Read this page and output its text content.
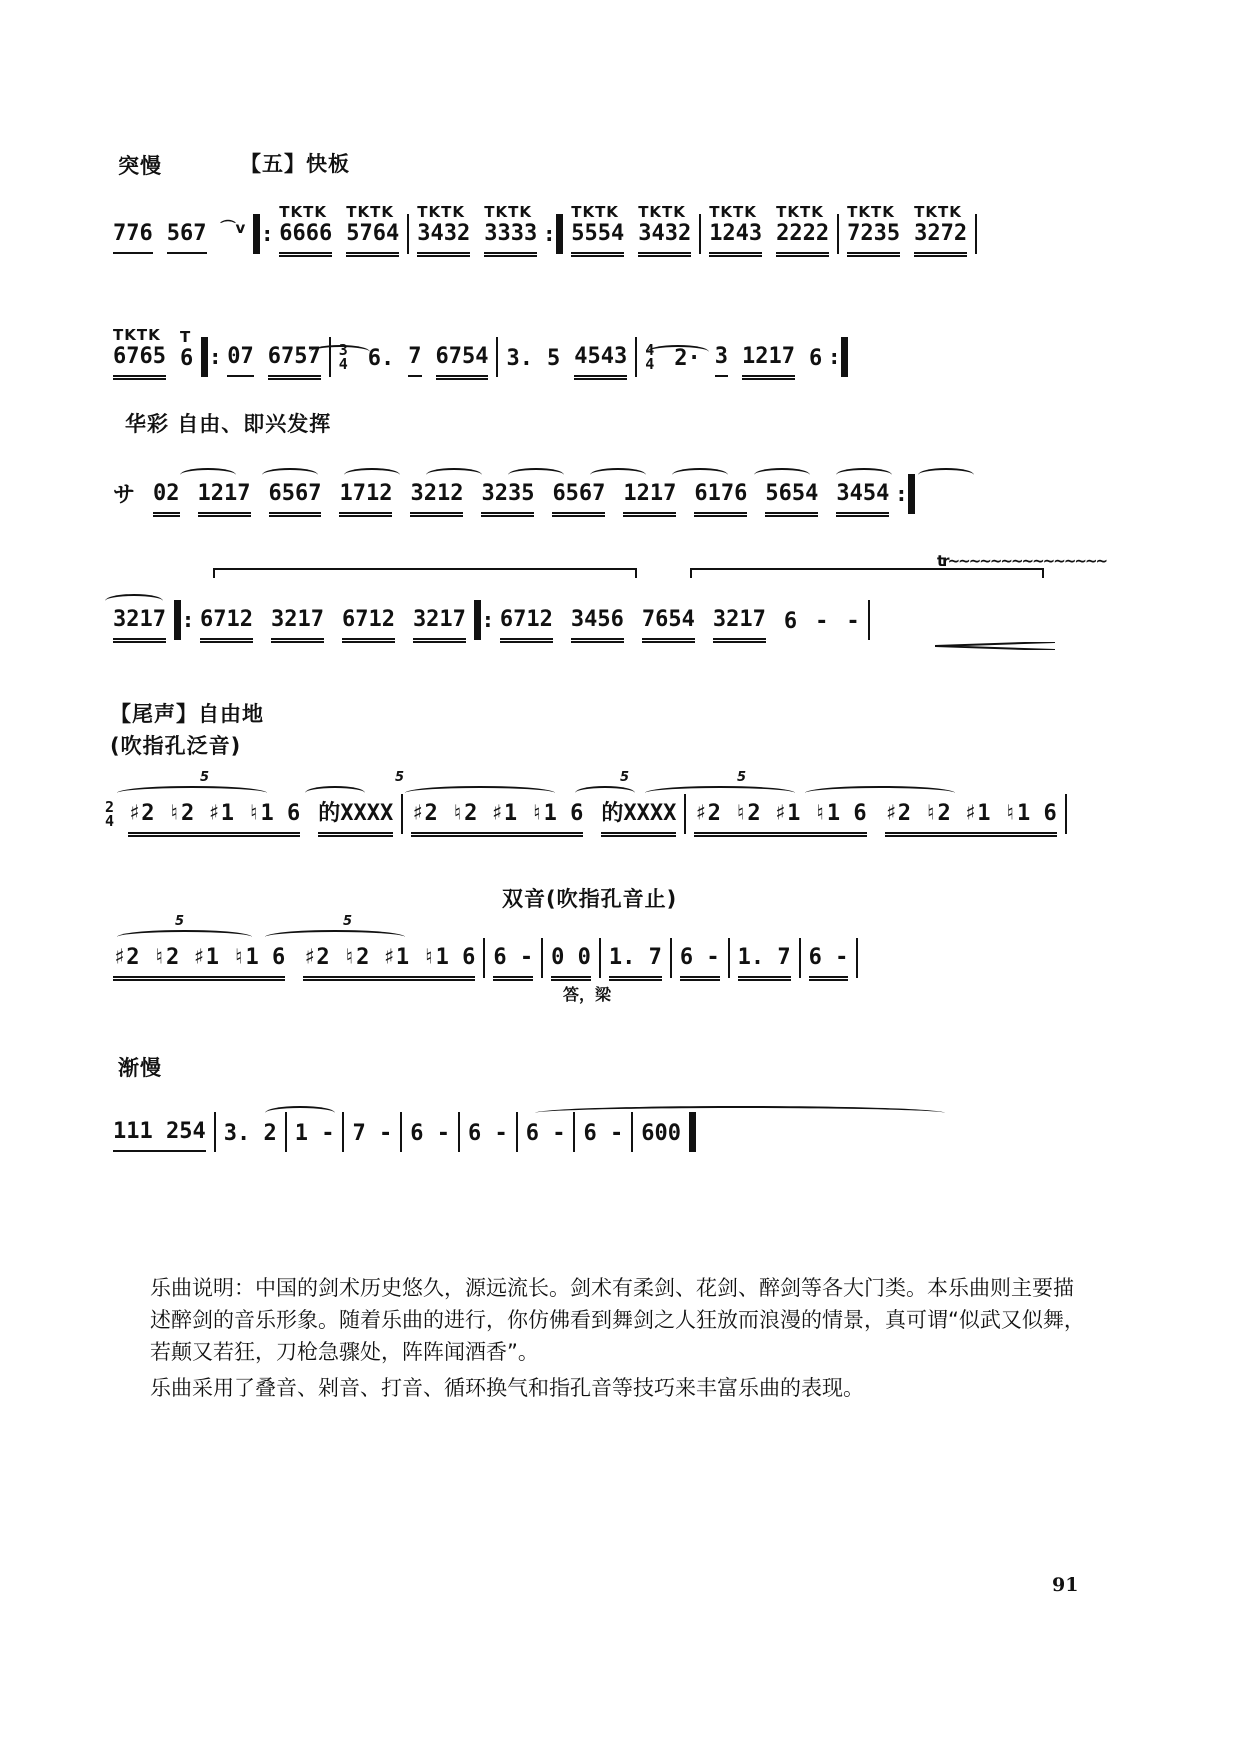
突慢	【五】快板
华彩 自由、即兴发挥
【尾声】自由地
(吹指孔泛音)
双音(吹指孔音止)
渐慢
776 567 ⌒v : 6666
TKTK
5764
TKTK
3432
TKTK
3333
TKTK
: 5554
TKTK
3432
TKTK
1243
TKTK
2222
TKTK
7235
TKTK
3272
TKTK
6765
TKTK
6
T
: 07 6757 3
4 6. 7 6754 3. 5 4543 4
4 2· 3 1217 6 :
サ 02 1217 6567 1712 3212 3235 6567 1217 6176 5654 3454 :
tr~~~~~~~~~~~~~~~
3217 : 6712 3217 6712 3217 : 6712 3456 7654 3217 6 - -
2
4 ♯2 ♮2 ♯1 ♮1 6 的XXXX ♯2 ♮2 ♯1 ♮1 6 的XXXX ♯2 ♮2 ♯1 ♮1 6 ♯2 ♮2 ♯1 ♮1 6
5	5	5	5
答，梁
♯2 ♮2 ♯1 ♮1 6 ♯2 ♮2 ♯1 ♮1 6 6 - 0 0 1. 7 6 - 1. 7 6 -
5	5
111 254 3. 2 1 - 7 - 6 - 6 - 6 - 6 - 600

乐曲说明：中国的剑术历史悠久，源远流长。剑术有柔剑、花剑、醉剑等各大门类。本乐曲则主要描述醉剑的音乐形象。随着乐曲的进行，你仿佛看到舞剑之人狂放而浪漫的情景，真可谓“似武又似舞，若颠又若狂，刀枪急骤处，阵阵闻酒香”。

乐曲采用了叠音、剁音、打音、循环换气和指孔音等技巧来丰富乐曲的表现。

91
